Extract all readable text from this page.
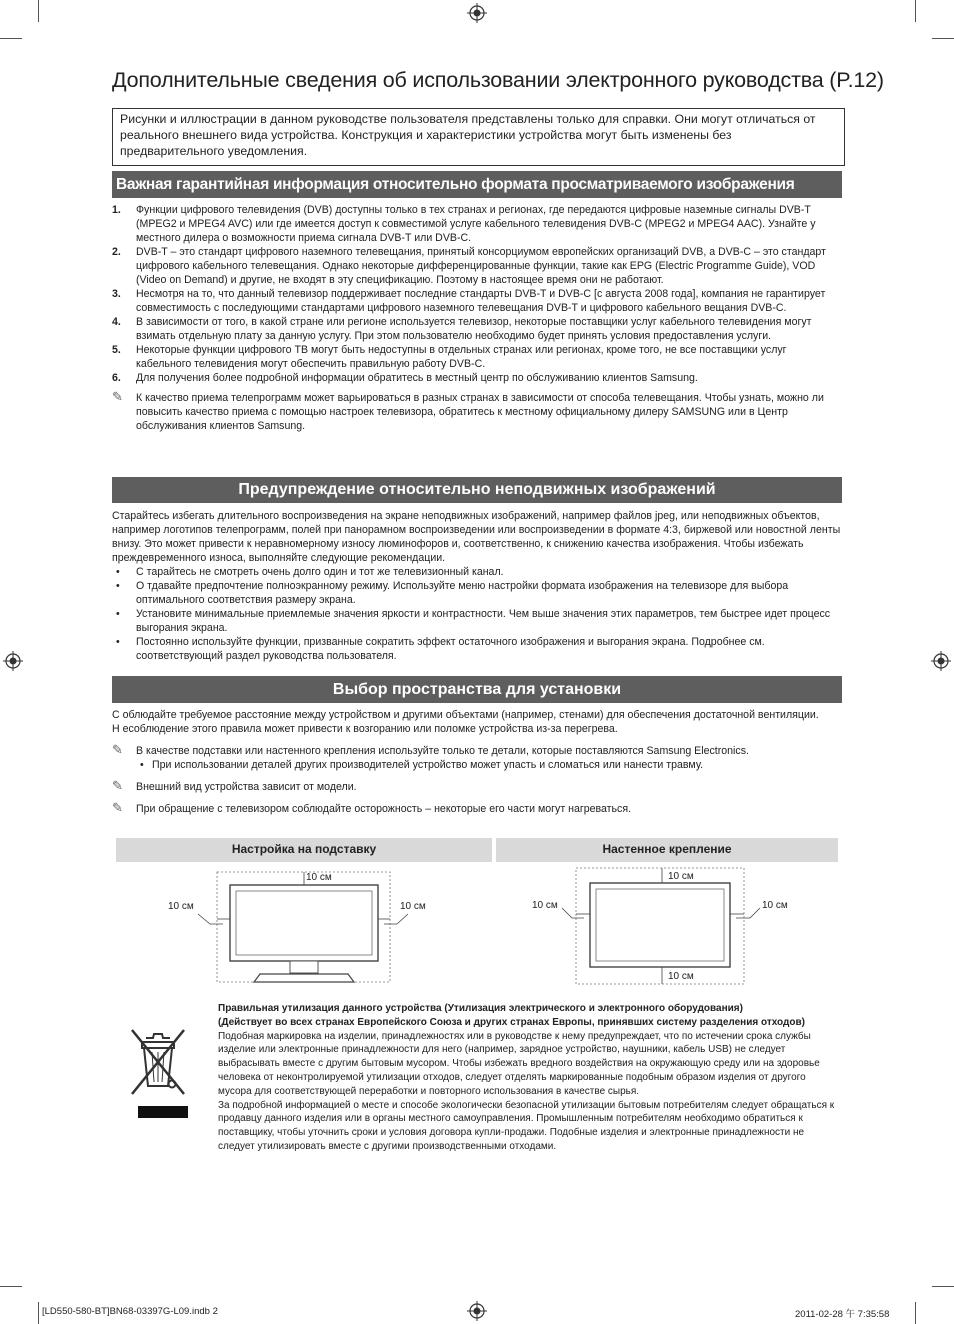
Дополнительные сведения об использовании электронного руководства (P.12)
Рисунки и иллюстрации в данном руководстве пользователя представлены только для справки. Они могут отличаться от реального внешнего вида устройства. Конструкция и характеристики устройства могут быть изменены без предварительного уведомления.
Важная гарантийная информация относительно формата просматриваемого изображения
1. Функции цифрового телевидения (DVB) доступны только в тех странах и регионах, где передаются цифровые наземные сигналы DVB-T (MPEG2 и MPEG4 AVC) или где имеется доступ к совместимой услуге кабельного телевидения DVB-C (MPEG2 и MPEG4 AAC). Узнайте у местного дилера о возможности приема сигнала DVB-T или DVB-C.
2. DVB-T – это стандарт цифрового наземного телевещания, принятый консорциумом европейских организаций DVB, а DVB-C – это стандарт цифрового кабельного телевещания. Однако некоторые дифференцированные функции, такие как EPG (Electric Programme Guide), VOD (Video on Demand) и другие, не входят в эту спецификацию. Поэтому в настоящее время они не работают.
3. Несмотря на то, что данный телевизор поддерживает последние стандарты DVB-T и DVB-C [с августа 2008 года], компания не гарантирует совместимость с последующими стандартами цифрового наземного телевещания DVB-T и цифрового кабельного вещания DVB-C.
4. В зависимости от того, в какой стране или регионе используется телевизор, некоторые поставщики услуг кабельного телевидения могут взимать отдельную плату за данную услугу. При этом пользователю необходимо будет принять условия предоставления услуги.
5. Некоторые функции цифрового ТВ могут быть недоступны в отдельных странах или регионах, кроме того, не все поставщики услуг кабельного телевидения могут обеспечить правильную работу DVB-C.
6. Для получения более подробной информации обратитесь в местный центр по обслуживанию клиентов Samsung.
✎ К качество приема телепрограмм может варьироваться в разных странах в зависимости от способа телевещания. Чтобы узнать, можно ли повысить качество приема с помощью настроек телевизора, обратитесь к местному официальному дилеру SAMSUNG или в Центр обслуживания клиентов Samsung.
Предупреждение относительно неподвижных изображений
Старайтесь избегать длительного воспроизведения на экране неподвижных изображений, например файлов jpeg, или неподвижных объектов, например логотипов телепрограмм, полей при панорамном воспроизведении или воспроизведении в формате 4:3, биржевой или новостной ленты внизу. Это может привести к неравномерному износу люминофоров и, соответственно, к снижению качества изображения. Чтобы избежать преждевременного износа, выполняйте следующие рекомендации.
• С тарайтесь не смотреть очень долго один и тот же телевизионный канал.
• О тдавайте предпочтение полноэкранному режиму. Используйте меню настройки формата изображения на телевизоре для выбора оптимального соответствия размеру экрана.
• Установите минимальные приемлемые значения яркости и контрастности. Чем выше значения этих параметров, тем быстрее идет процесс выгорания экрана.
• Постоянно используйте функции, призванные сократить эффект остаточного изображения и выгорания экрана. Подробнее см. соответствующий раздел руководства пользователя.
Выбор пространства для установки
С облюдайте требуемое расстояние между устройством и другими объектами (например, стенами) для обеспечения достаточной вентиляции.
Н есоблюдение этого правила может привести к возгоранию или поломке устройства из-за перегрева.
✎ В качестве подставки или настенного крепления используйте только те детали, которые поставляются Samsung Electronics.
• При использовании деталей других производителей устройство может упасть и сломаться или нанести травму.
✎ Внешний вид устройства зависит от модели.
✎ При обращение с телевизором соблюдайте осторожность – некоторые его части могут нагреваться.
Настройка на подставку	Настенное крепление
10 см
10 см	10 см
10 см
10 см	10 см
10 см
Правильная утилизация данного устройства (Утилизация электрического и электронного оборудования)
(Действует во всех странах Европейского Союза и других странах Европы, принявших систему разделения отходов) Подобная маркировка на изделии, принадлежностях или в руководстве к нему предупреждает, что по истечении срока службы изделие или электронные принадлежности для него (например, зарядное устройство, наушники, кабель USB) не следует выбрасывать вместе с другим бытовым мусором. Чтобы избежать вредного воздействия на окружающую среду или на здоровье человека от неконтролируемой утилизации отходов, следует отделять маркированные подобным образом изделия от другого мусора для соответствующей переработки и повторного использования в качестве сырья.
За подробной информацией о месте и способе экологически безопасной утилизации бытовым потребителям следует обращаться к продавцу данного изделия или в органы местного самоуправления. Промышленным потребителям необходимо обратиться к поставщику, чтобы уточнить сроки и условия договора купли-продажи. Подобные изделия и электронные принадлежности не следует утилизировать вместе с другими производственными отходами.
[LD550-580-BT]BN68-03397G-L09.indb 2	2011-02-28 午 7:35:58
